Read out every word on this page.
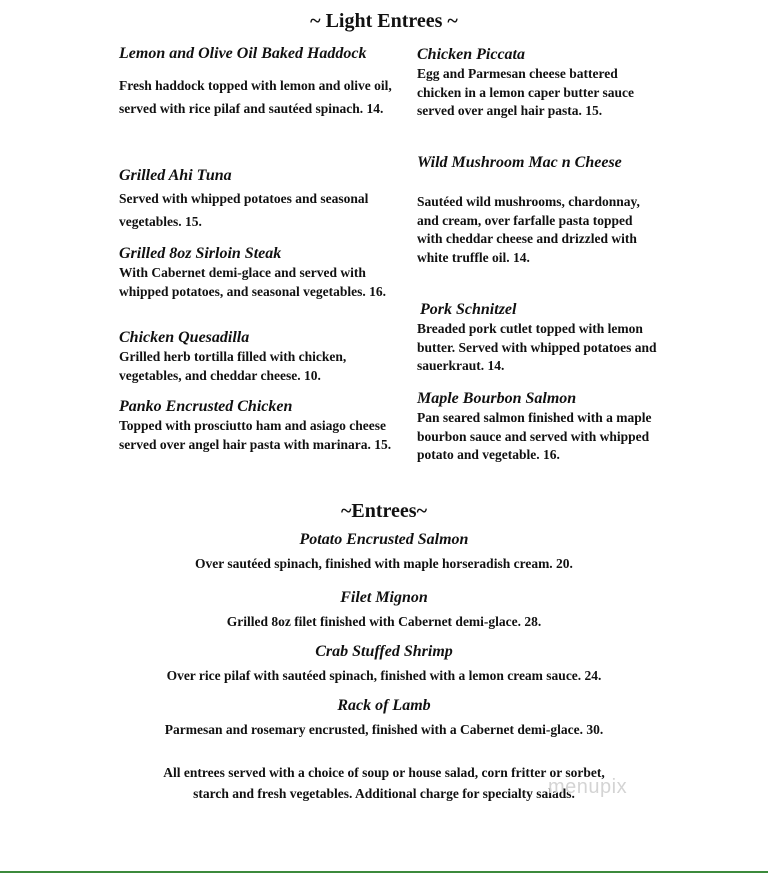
~ Light Entrees ~
Lemon and Olive Oil Baked Haddock
Fresh haddock topped with lemon and olive oil, served with rice pilaf and sautéed spinach. 14.
Grilled Ahi Tuna
Served with whipped potatoes and seasonal vegetables. 15.
Grilled 8oz Sirloin Steak
With Cabernet demi-glace and served with whipped potatoes, and seasonal vegetables. 16.
Chicken Quesadilla
Grilled herb tortilla filled with chicken, vegetables, and cheddar cheese. 10.
Panko Encrusted Chicken
Topped with prosciutto ham and asiago cheese served over angel hair pasta with marinara. 15.
Chicken Piccata
Egg and Parmesan cheese battered chicken in a lemon caper butter sauce served over angel hair pasta. 15.
Wild Mushroom Mac n Cheese
Sautéed wild mushrooms, chardonnay, and cream, over farfalle pasta topped with cheddar cheese and drizzled with white truffle oil. 14.
Pork Schnitzel
Breaded pork cutlet topped with lemon butter. Served with whipped potatoes and sauerkraut. 14.
Maple Bourbon Salmon
Pan seared salmon finished with a maple bourbon sauce and served with whipped potato and vegetable. 16.
~Entrees~
Potato Encrusted Salmon
Over sautéed spinach, finished with maple horseradish cream. 20.
Filet Mignon
Grilled 8oz filet finished with Cabernet demi-glace. 28.
Crab Stuffed Shrimp
Over rice pilaf with sautéed spinach, finished with a lemon cream sauce. 24.
Rack of Lamb
Parmesan and rosemary encrusted, finished with a Cabernet demi-glace. 30.

All entrees served with a choice of soup or house salad, corn fritter or sorbet,

starch and fresh vegetables. Additional charge for specialty salads.

menupix
